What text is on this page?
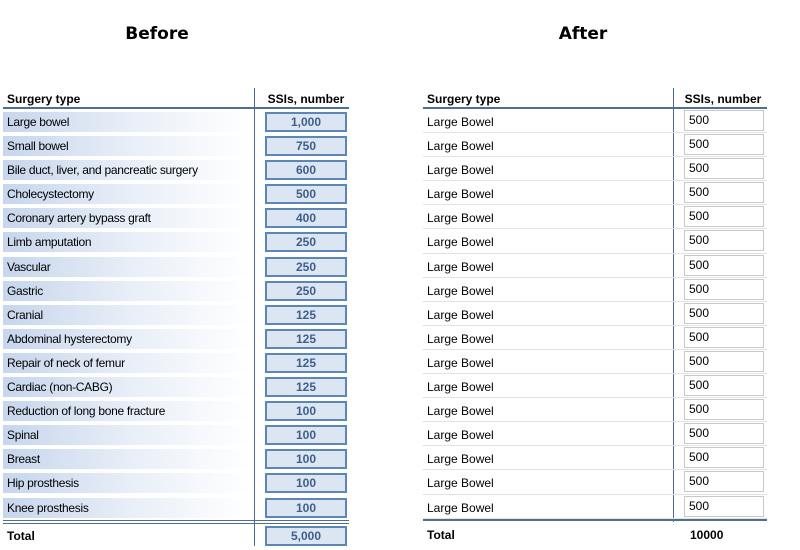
Before	After
Surgery type	SSIs, number
Large bowel	1,000
Small bowel	750
Bile duct, liver, and pancreatic surgery	600
Cholecystectomy	500
Coronary artery bypass graft	400
Limb amputation	250
Vascular	250
Gastric	250
Cranial	125
Abdominal hysterectomy	125
Repair of neck of femur	125
Cardiac (non-CABG)	125
Reduction of long bone fracture	100
Spinal	100
Breast	100
Hip prosthesis	100
Knee prosthesis	100
Total	5,000
Surgery type	SSIs, number
Large Bowel	500
Large Bowel	500
Large Bowel	500
Large Bowel	500
Large Bowel	500
Large Bowel	500
Large Bowel	500
Large Bowel	500
Large Bowel	500
Large Bowel	500
Large Bowel	500
Large Bowel	500
Large Bowel	500
Large Bowel	500
Large Bowel	500
Large Bowel	500
Large Bowel	500
Total	10000
